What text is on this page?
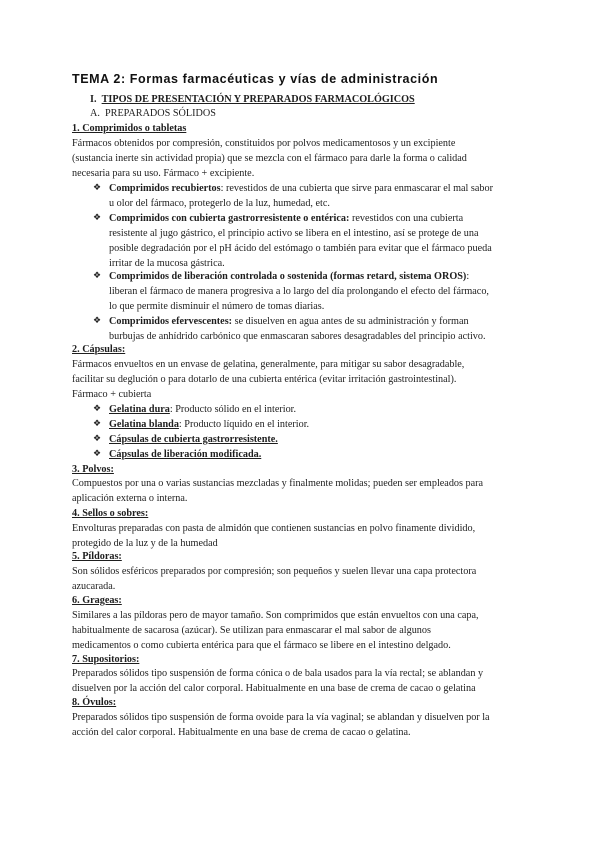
TEMA 2: Formas farmacéuticas y vías de administración
I. TIPOS DE PRESENTACIÓN Y PREPARADOS FARMACOLÓGICOS
A. PREPARADOS SÓLIDOS
1. Comprimidos o tabletas
Fármacos obtenidos por compresión, constituidos por polvos medicamentosos y un excipiente
(sustancia inerte sin actividad propia) que se mezcla con el fármaco para darle la forma o calidad
necesaria para su uso. Fármaco + excipiente.
❖ Comprimidos recubiertos: revestidos de una cubierta que sirve para enmascarar el mal sabor
u olor del fármaco, protegerlo de la luz, humedad, etc.
❖ Comprimidos con cubierta gastrorresistente o entérica: revestidos con una cubierta
resistente al jugo gástrico, el principio activo se libera en el intestino, así se protege de una
posible degradación por el pH ácido del estómago o también para evitar que el fármaco pueda
irritar de la mucosa gástrica.
❖ Comprimidos de liberación controlada o sostenida (formas retard, sistema OROS):
liberan el fármaco de manera progresiva a lo largo del día prolongando el efecto del fármaco,
lo que permite disminuir el número de tomas diarias.
❖ Comprimidos efervescentes: se disuelven en agua antes de su administración y forman
burbujas de anhídrido carbónico que enmascaran sabores desagradables del principio activo.
2. Cápsulas:
Fármacos envueltos en un envase de gelatina, generalmente, para mitigar su sabor desagradable,
facilitar su deglución o para dotarlo de una cubierta entérica (evitar irritación gastrointestinal).
Fármaco + cubierta
❖ Gelatina dura: Producto sólido en el interior.
❖ Gelatina blanda: Producto líquido en el interior.
❖ Cápsulas de cubierta gastrorresistente.
❖ Cápsulas de liberación modificada.
3. Polvos:
Compuestos por una o varias sustancias mezcladas y finalmente molidas; pueden ser empleados para
aplicación externa o interna.
4. Sellos o sobres:
Envolturas preparadas con pasta de almidón que contienen sustancias en polvo finamente dividido,
protegido de la luz y de la humedad
5. Píldoras:
Son sólidos esféricos preparados por compresión; son pequeños y suelen llevar una capa protectora
azucarada.
6. Grageas:
Similares a las píldoras pero de mayor tamaño. Son comprimidos que están envueltos con una capa,
habitualmente de sacarosa (azúcar). Se utilizan para enmascarar el mal sabor de algunos
medicamentos o como cubierta entérica para que el fármaco se libere en el intestino delgado.
7. Supositorios:
Preparados sólidos tipo suspensión de forma cónica o de bala usados para la vía rectal; se ablandan y
disuelven por la acción del calor corporal. Habitualmente en una base de crema de cacao o gelatina
8. Óvulos:
Preparados sólidos tipo suspensión de forma ovoide para la vía vaginal; se ablandan y disuelven por la
acción del calor corporal. Habitualmente en una base de crema de cacao o gelatina.
